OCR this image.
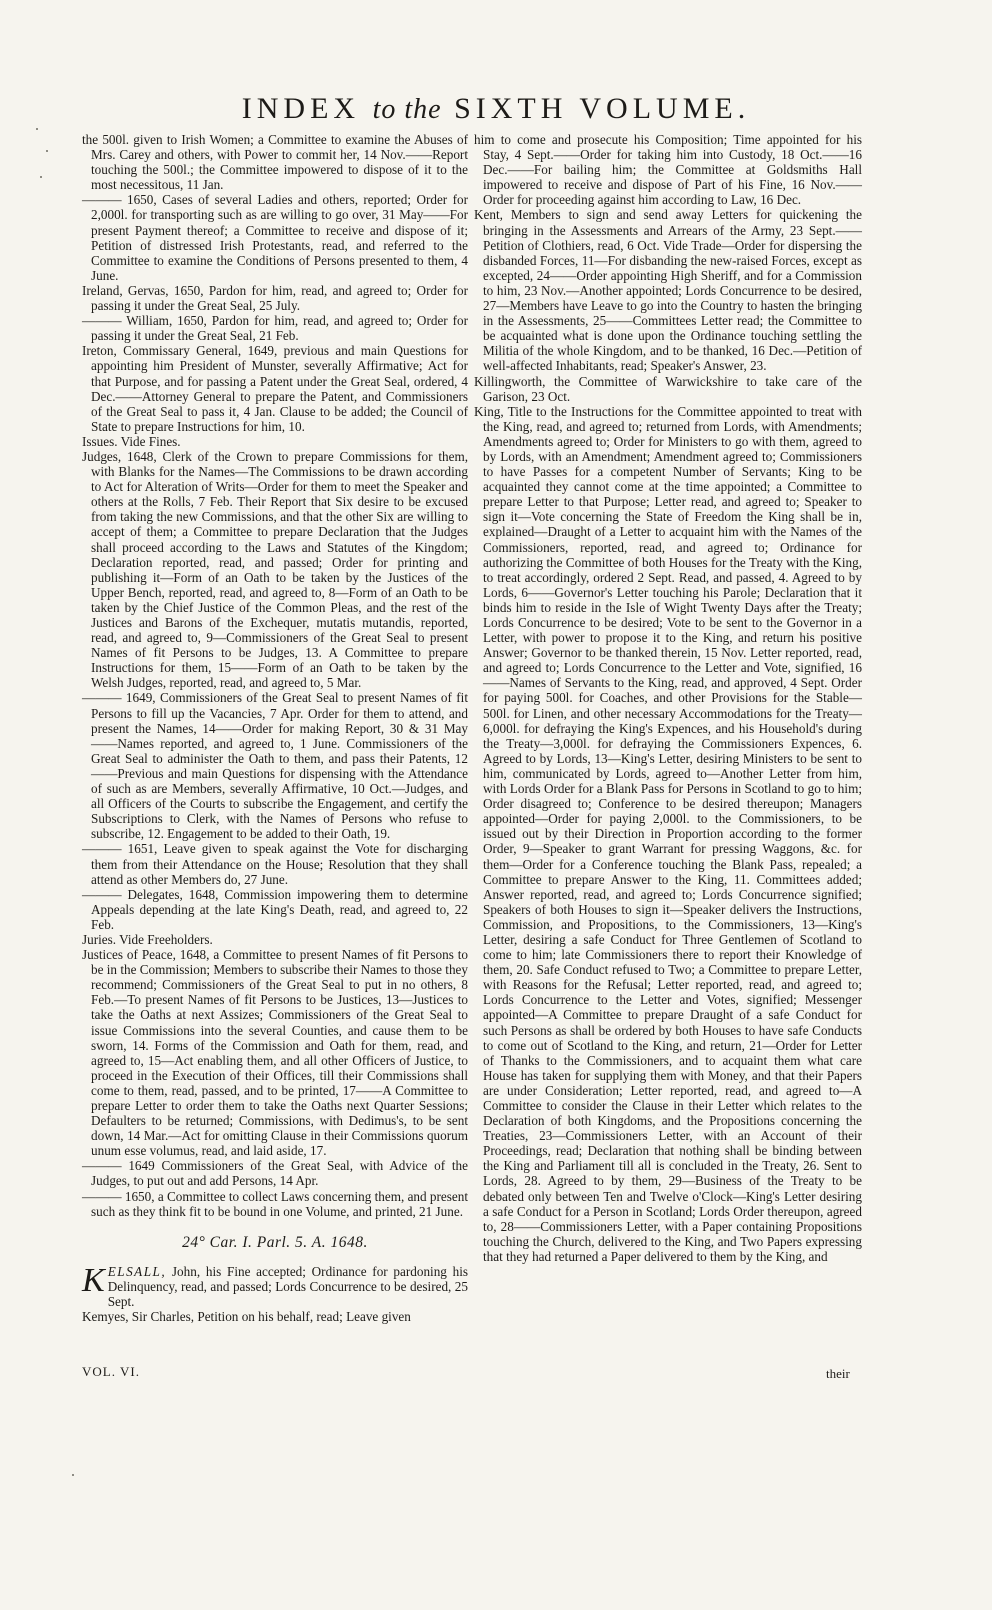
INDEX to the SIXTH VOLUME.

the 500l. given to Irish Women; a Committee to examine the Abuses of Mrs. Carey and others, with Power to commit her, 14 Nov.——Report touching the 500l.; the Committee impowered to dispose of it to the most necessitous, 11 Jan.

——— 1650, Cases of several Ladies and others, reported; Order for 2,000l. for transporting such as are willing to go over, 31 May——For present Payment thereof; a Committee to receive and dispose of it; Petition of distressed Irish Protestants, read, and referred to the Committee to examine the Conditions of Persons presented to them, 4 June.

Ireland, Gervas, 1650, Pardon for him, read, and agreed to; Order for passing it under the Great Seal, 25 July.

——— William, 1650, Pardon for him, read, and agreed to; Order for passing it under the Great Seal, 21 Feb.

Ireton, Commissary General, 1649, previous and main Questions for appointing him President of Munster, severally Affirmative; Act for that Purpose, and for passing a Patent under the Great Seal, ordered, 4 Dec.——Attorney General to prepare the Patent, and Commissioners of the Great Seal to pass it, 4 Jan. Clause to be added; the Council of State to prepare Instructions for him, 10.

Issues. Vide Fines.

Judges, 1648, Clerk of the Crown to prepare Commissions for them, with Blanks for the Names—The Commissions to be drawn according to Act for Alteration of Writs—Order for them to meet the Speaker and others at the Rolls, 7 Feb. Their Report that Six desire to be excused from taking the new Commissions, and that the other Six are willing to accept of them; a Committee to prepare Declaration that the Judges shall proceed according to the Laws and Statutes of the Kingdom; Declaration reported, read, and passed; Order for printing and publishing it—Form of an Oath to be taken by the Justices of the Upper Bench, reported, read, and agreed to, 8—Form of an Oath to be taken by the Chief Justice of the Common Pleas, and the rest of the Justices and Barons of the Exchequer, mutatis mutandis, reported, read, and agreed to, 9—Commissioners of the Great Seal to present Names of fit Persons to be Judges, 13. A Committee to prepare Instructions for them, 15——Form of an Oath to be taken by the Welsh Judges, reported, read, and agreed to, 5 Mar.

——— 1649, Commissioners of the Great Seal to present Names of fit Persons to fill up the Vacancies, 7 Apr. Order for them to attend, and present the Names, 14——Order for making Report, 30 & 31 May——Names reported, and agreed to, 1 June. Commissioners of the Great Seal to administer the Oath to them, and pass their Patents, 12——Previous and main Questions for dispensing with the Attendance of such as are Members, severally Affirmative, 10 Oct.—Judges, and all Officers of the Courts to subscribe the Engagement, and certify the Subscriptions to Clerk, with the Names of Persons who refuse to subscribe, 12. Engagement to be added to their Oath, 19.

——— 1651, Leave given to speak against the Vote for discharging them from their Attendance on the House; Resolution that they shall attend as other Members do, 27 June.

——— Delegates, 1648, Commission impowering them to determine Appeals depending at the late King's Death, read, and agreed to, 22 Feb.

Juries. Vide Freeholders.

Justices of Peace, 1648, a Committee to present Names of fit Persons to be in the Commission; Members to subscribe their Names to those they recommend; Commissioners of the Great Seal to put in no others, 8 Feb.—To present Names of fit Persons to be Justices, 13—Justices to take the Oaths at next Assizes; Commissioners of the Great Seal to issue Commissions into the several Counties, and cause them to be sworn, 14. Forms of the Commission and Oath for them, read, and agreed to, 15—Act enabling them, and all other Officers of Justice, to proceed in the Execution of their Offices, till their Commissions shall come to them, read, passed, and to be printed, 17——A Committee to prepare Letter to order them to take the Oaths next Quarter Sessions; Defaulters to be returned; Commissions, with Dedimus's, to be sent down, 14 Mar.—Act for omitting Clause in their Commissions quorum unum esse volumus, read, and laid aside, 17.

——— 1649 Commissioners of the Great Seal, with Advice of the Judges, to put out and add Persons, 14 Apr.

——— 1650, a Committee to collect Laws concerning them, and present such as they think fit to be bound in one Volume, and printed, 21 June.

24° Car. I. Parl. 5. A. 1648.

KELSALL, John, his Fine accepted; Ordinance for pardoning his Delinquency, read, and passed; Lords Concurrence to be desired, 25 Sept.

Kemyes, Sir Charles, Petition on his behalf, read; Leave given

him to come and prosecute his Composition; Time appointed for his Stay, 4 Sept.——Order for taking him into Custody, 18 Oct.——16 Dec.——For bailing him; the Committee at Goldsmiths Hall impowered to receive and dispose of Part of his Fine, 16 Nov.——Order for proceeding against him according to Law, 16 Dec.

Kent, Members to sign and send away Letters for quickening the bringing in the Assessments and Arrears of the Army, 23 Sept.——Petition of Clothiers, read, 6 Oct. Vide Trade—Order for dispersing the disbanded Forces, 11—For disbanding the new-raised Forces, except as excepted, 24——Order appointing High Sheriff, and for a Commission to him, 23 Nov.—Another appointed; Lords Concurrence to be desired, 27—Members have Leave to go into the Country to hasten the bringing in the Assessments, 25——Committees Letter read; the Committee to be acquainted what is done upon the Ordinance touching settling the Militia of the whole Kingdom, and to be thanked, 16 Dec.—Petition of well-affected Inhabitants, read; Speaker's Answer, 23.

Killingworth, the Committee of Warwickshire to take care of the Garison, 23 Oct.

King, Title to the Instructions for the Committee appointed to treat with the King, read, and agreed to; returned from Lords, with Amendments; Amendments agreed to; Order for Ministers to go with them, agreed to by Lords, with an Amendment; Amendment agreed to; Commissioners to have Passes for a competent Number of Servants; King to be acquainted they cannot come at the time appointed; a Committee to prepare Letter to that Purpose; Letter read, and agreed to; Speaker to sign it—Vote concerning the State of Freedom the King shall be in, explained—Draught of a Letter to acquaint him with the Names of the Commissioners, reported, read, and agreed to; Ordinance for authorizing the Committee of both Houses for the Treaty with the King, to treat accordingly, ordered 2 Sept. Read, and passed, 4. Agreed to by Lords, 6——Governor's Letter touching his Parole; Declaration that it binds him to reside in the Isle of Wight Twenty Days after the Treaty; Lords Concurrence to be desired; Vote to be sent to the Governor in a Letter, with power to propose it to the King, and return his positive Answer; Governor to be thanked therein, 15 Nov. Letter reported, read, and agreed to; Lords Concurrence to the Letter and Vote, signified, 16——Names of Servants to the King, read, and approved, 4 Sept. Order for paying 500l. for Coaches, and other Provisions for the Stable—500l. for Linen, and other necessary Accommodations for the Treaty—6,000l. for defraying the King's Expences, and his Household's during the Treaty—3,000l. for defraying the Commissioners Expences, 6. Agreed to by Lords, 13—King's Letter, desiring Ministers to be sent to him, communicated by Lords, agreed to—Another Letter from him, with Lords Order for a Blank Pass for Persons in Scotland to go to him; Order disagreed to; Conference to be desired thereupon; Managers appointed—Order for paying 2,000l. to the Commissioners, to be issued out by their Direction in Proportion according to the former Order, 9—Speaker to grant Warrant for pressing Waggons, &c. for them—Order for a Conference touching the Blank Pass, repealed; a Committee to prepare Answer to the King, 11. Committees added; Answer reported, read, and agreed to; Lords Concurrence signified; Speakers of both Houses to sign it—Speaker delivers the Instructions, Commission, and Propositions, to the Commissioners, 13—King's Letter, desiring a safe Conduct for Three Gentlemen of Scotland to come to him; late Commissioners there to report their Knowledge of them, 20. Safe Conduct refused to Two; a Committee to prepare Letter, with Reasons for the Refusal; Letter reported, read, and agreed to; Lords Concurrence to the Letter and Votes, signified; Messenger appointed—A Committee to prepare Draught of a safe Conduct for such Persons as shall be ordered by both Houses to have safe Conducts to come out of Scotland to the King, and return, 21—Order for Letter of Thanks to the Commissioners, and to acquaint them what care House has taken for supplying them with Money, and that their Papers are under Consideration; Letter reported, read, and agreed to—A Committee to consider the Clause in their Letter which relates to the Declaration of both Kingdoms, and the Propositions concerning the Treaties, 23—Commissioners Letter, with an Account of their Proceedings, read; Declaration that nothing shall be binding between the King and Parliament till all is concluded in the Treaty, 26. Sent to Lords, 28. Agreed to by them, 29—Business of the Treaty to be debated only between Ten and Twelve o'Clock—King's Letter desiring a safe Conduct for a Person in Scotland; Lords Order thereupon, agreed to, 28——Commissioners Letter, with a Paper containing Propositions touching the Church, delivered to the King, and Two Papers expressing that they had returned a Paper delivered to them by the King, and

VOL. VI.	their
